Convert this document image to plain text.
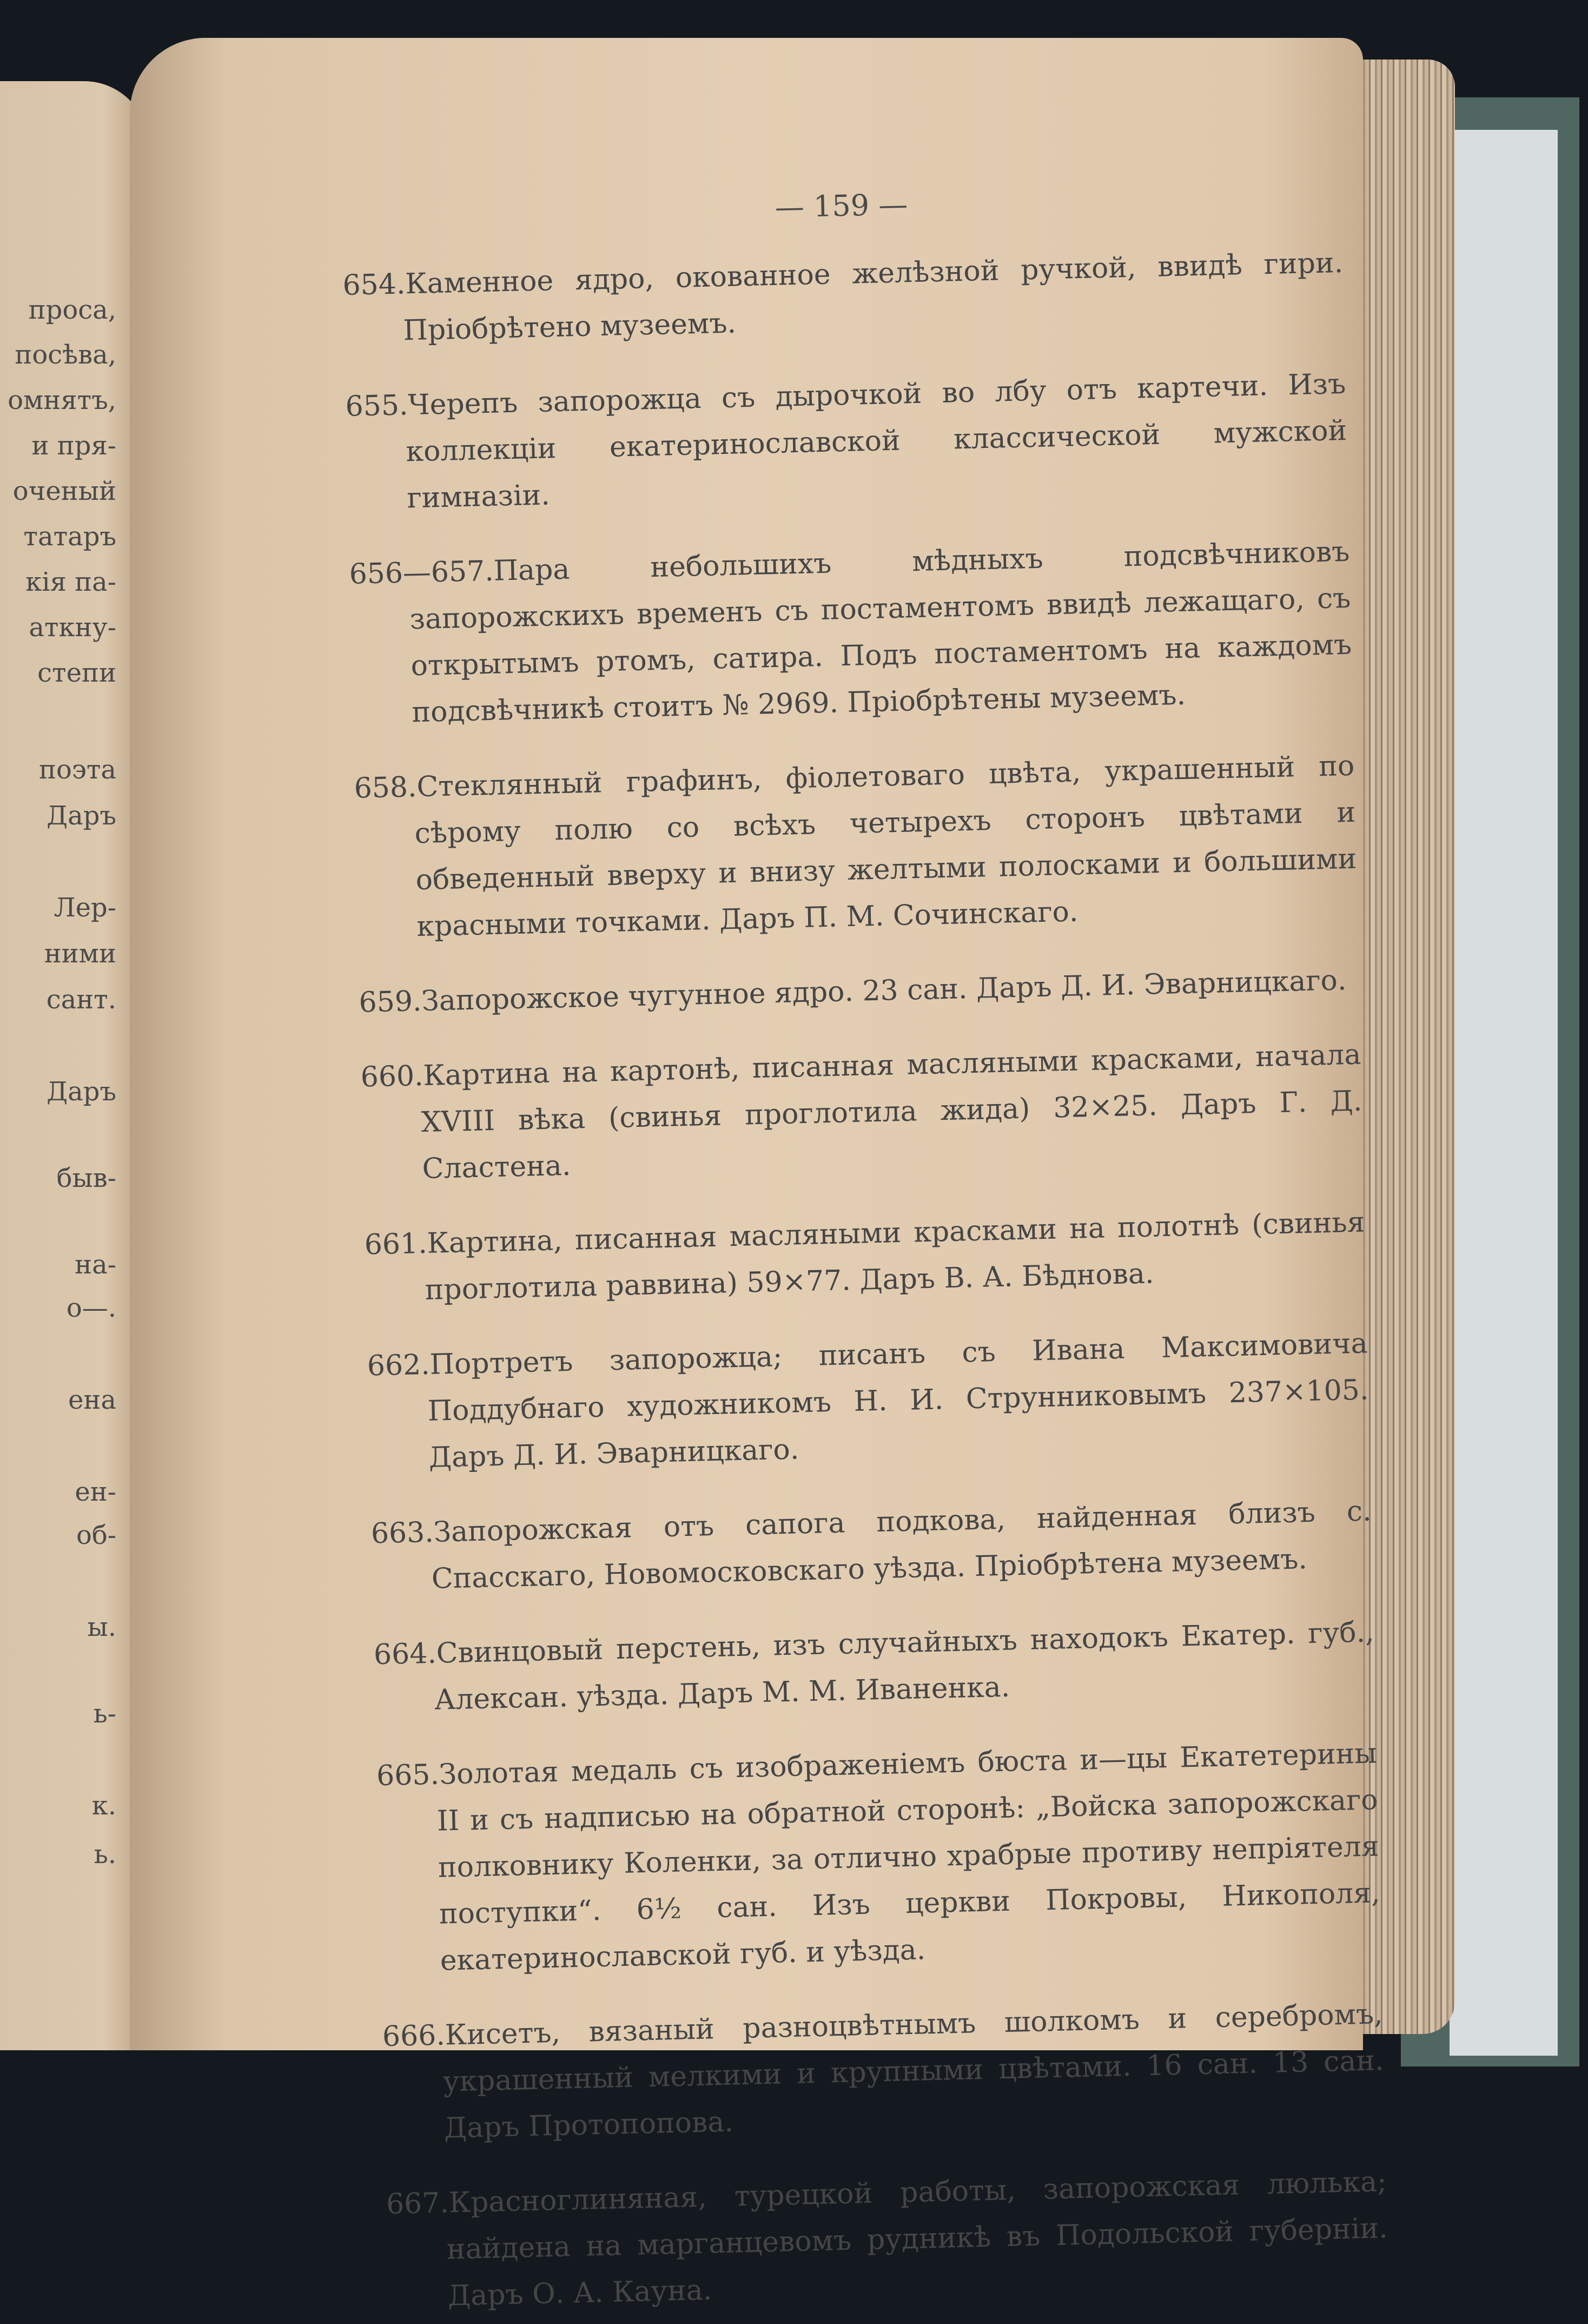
проса,
посѣва,
омнятъ,
и пря-
оченый
татаръ
кія па-
аткну-
степи
поэта
Даръ
Лер-
ними
сант.
Даръ
быв-
на-
о—.
ена
ен-
об-
ы.
ь-
к.
ь.
— 159 —

654.Каменное ядро, окованное желѣзной ручкой, ввидѣ гири. Пріобрѣтено музеемъ.

655.Черепъ запорожца съ дырочкой во лбу отъ картечи. Изъ коллекціи екатеринославской классической мужской гимназіи.

656—657.Пара небольшихъ мѣдныхъ подсвѣчниковъ запорожскихъ временъ съ постаментомъ ввидѣ лежащаго, съ открытымъ ртомъ, сатира. Подъ постаментомъ на каждомъ подсвѣчникѣ стоитъ № 2969. Пріобрѣтены музеемъ.

658.Стеклянный графинъ, фіолетоваго цвѣта, украшенный по сѣрому полю со всѣхъ четырехъ сторонъ цвѣтами и обведенный вверху и внизу желтыми полосками и большими красными точками. Даръ П. М. Сочинскаго.

659.Запорожское чугунное ядро. 23 сан. Даръ Д. И. Эварницкаго.

660.Картина на картонѣ, писанная масляными красками, начала XVIII вѣка (свинья проглотила жида) 32×25. Даръ Г. Д. Сластена.

661.Картина, писанная масляными красками на полотнѣ (свинья проглотила раввина) 59×77. Даръ В. А. Бѣднова.

662.Портретъ запорожца; писанъ съ Ивана Максимовича Поддубнаго художникомъ Н. И. Струнниковымъ 237×105. Даръ Д. И. Эварницкаго.

663.Запорожская отъ сапога подкова, найденная близъ с. Спасскаго, Новомосковскаго уѣзда. Пріобрѣтена музеемъ.

664.Свинцовый перстень, изъ случайныхъ находокъ Екатер. губ., Алексан. уѣзда. Даръ М. М. Иваненка.

665.Золотая медаль съ изображеніемъ бюста и—цы Екатетерины II и съ надписью на обратной сторонѣ: „Войска запорожскаго полковнику Коленки, за отлично храбрые противу непріятеля поступки“. 6½ сан. Изъ церкви Покровы, Никополя, екатеринославской губ. и уѣзда.

666.Кисетъ, вязаный разноцвѣтнымъ шолкомъ и серебромъ, украшенный мелкими и крупными цвѣтами. 16 сан. 13 сан. Даръ Протопопова.

667.Красноглиняная, турецкой работы, запорожская люлька; найдена на марганцевомъ рудникѣ въ Подольской губерніи. Даръ О. А. Кауна.
